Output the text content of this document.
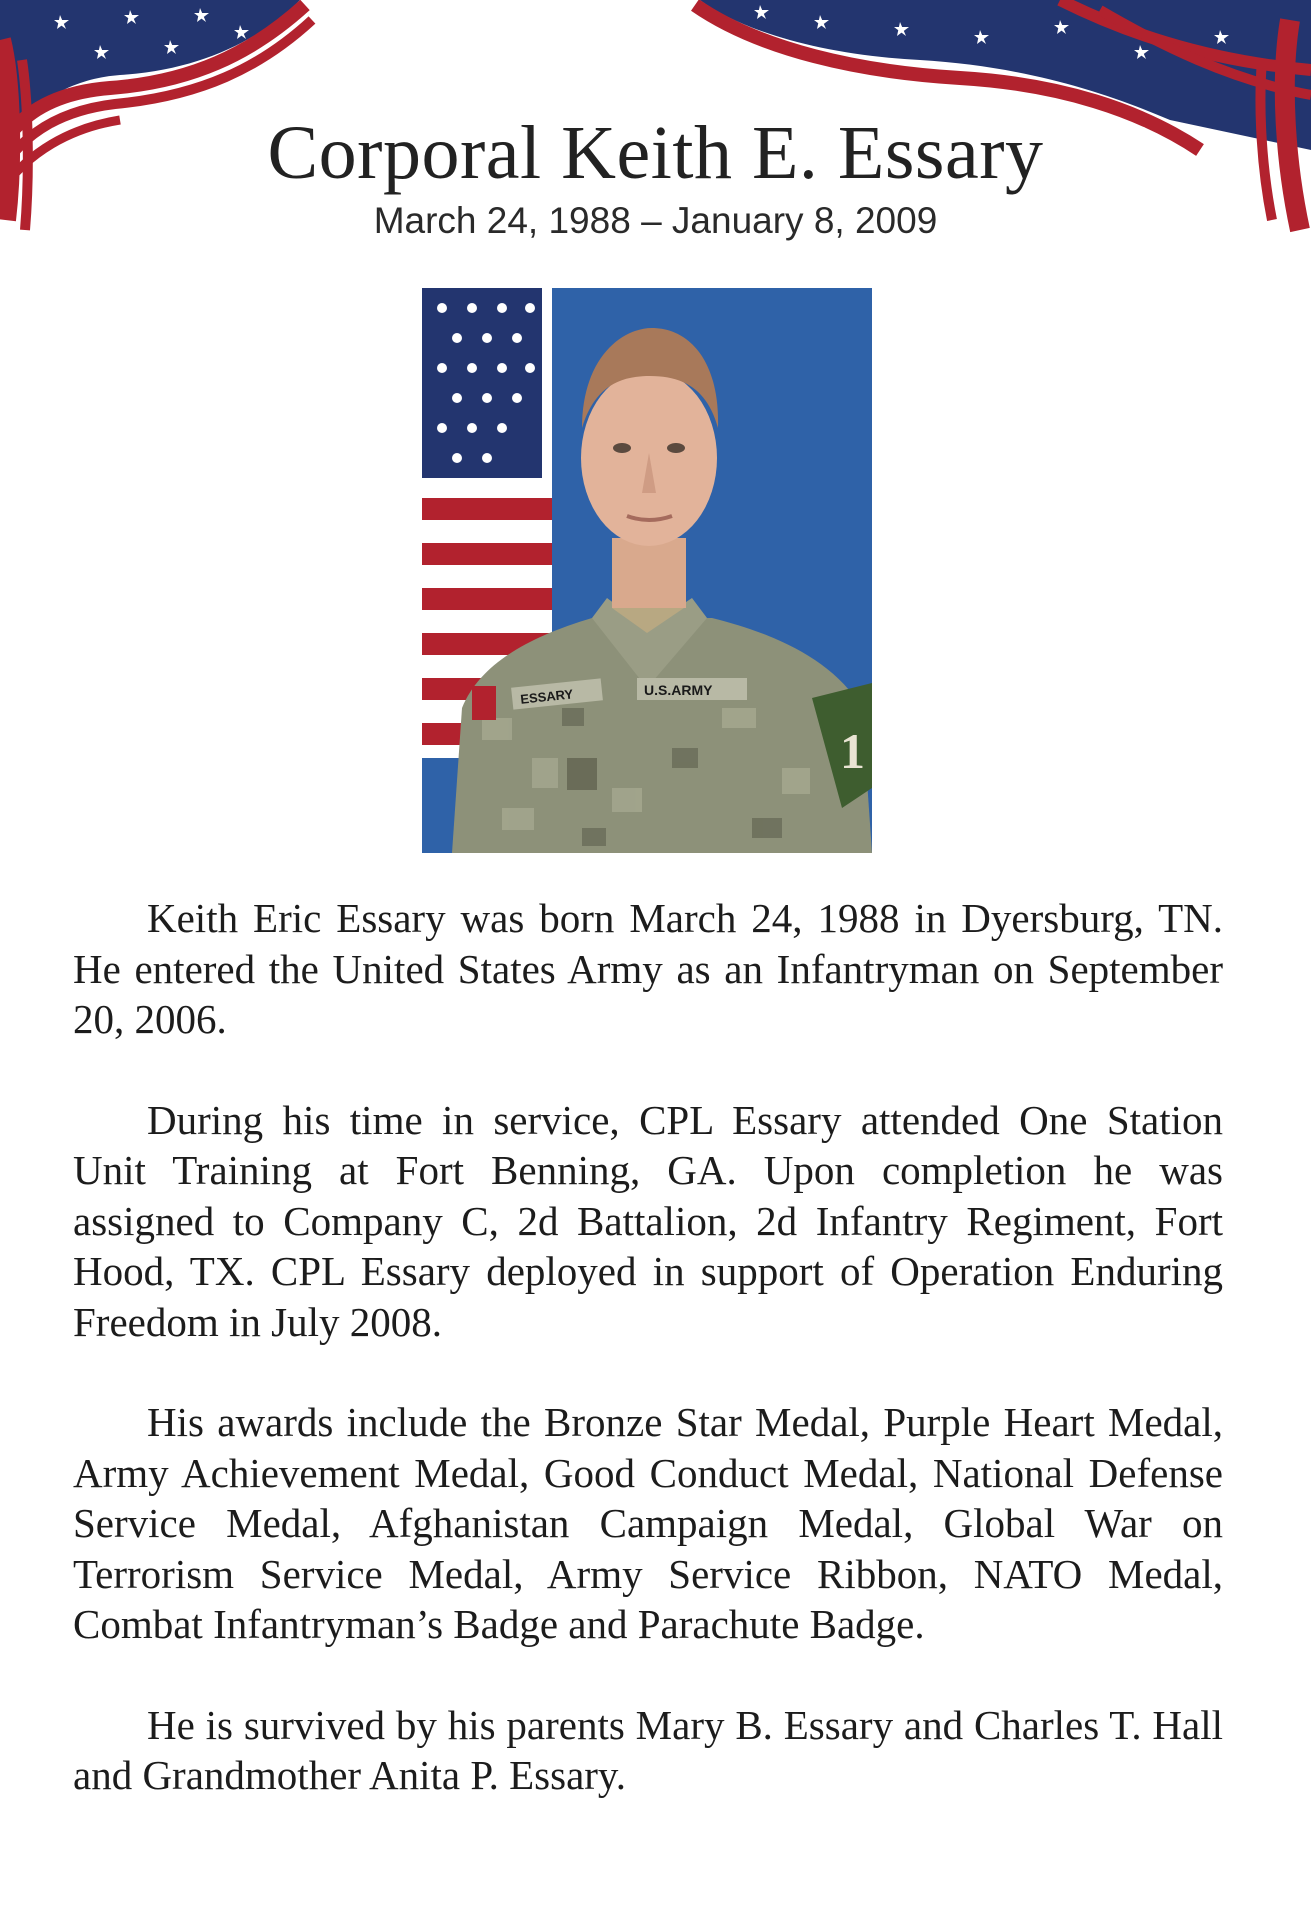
Corporal Keith E. Essary
March 24, 1988 – January 8, 2009
ESSARY	U.S.ARMY
1

Keith Eric Essary was born March 24, 1988 in Dyersburg, TN. He entered the United States Army as an Infantryman on September 20, 2006.

During his time in service, CPL Essary attended One Station Unit Training at Fort Benning, GA. Upon completion he was assigned to Company C, 2d Battalion, 2d Infantry Regiment, Fort Hood, TX. CPL Essary deployed in support of Operation Enduring Freedom in July 2008.

His awards include the Bronze Star Medal, Purple Heart Medal, Army Achievement Medal, Good Conduct Medal, National Defense Service Medal, Afghanistan Campaign Medal, Global War on Terrorism Service Medal, Army Service Ribbon, NATO Medal, Combat Infantryman’s Badge and Parachute Badge.

He is survived by his parents Mary B. Essary and Charles T. Hall and Grandmother Anita P. Essary.
